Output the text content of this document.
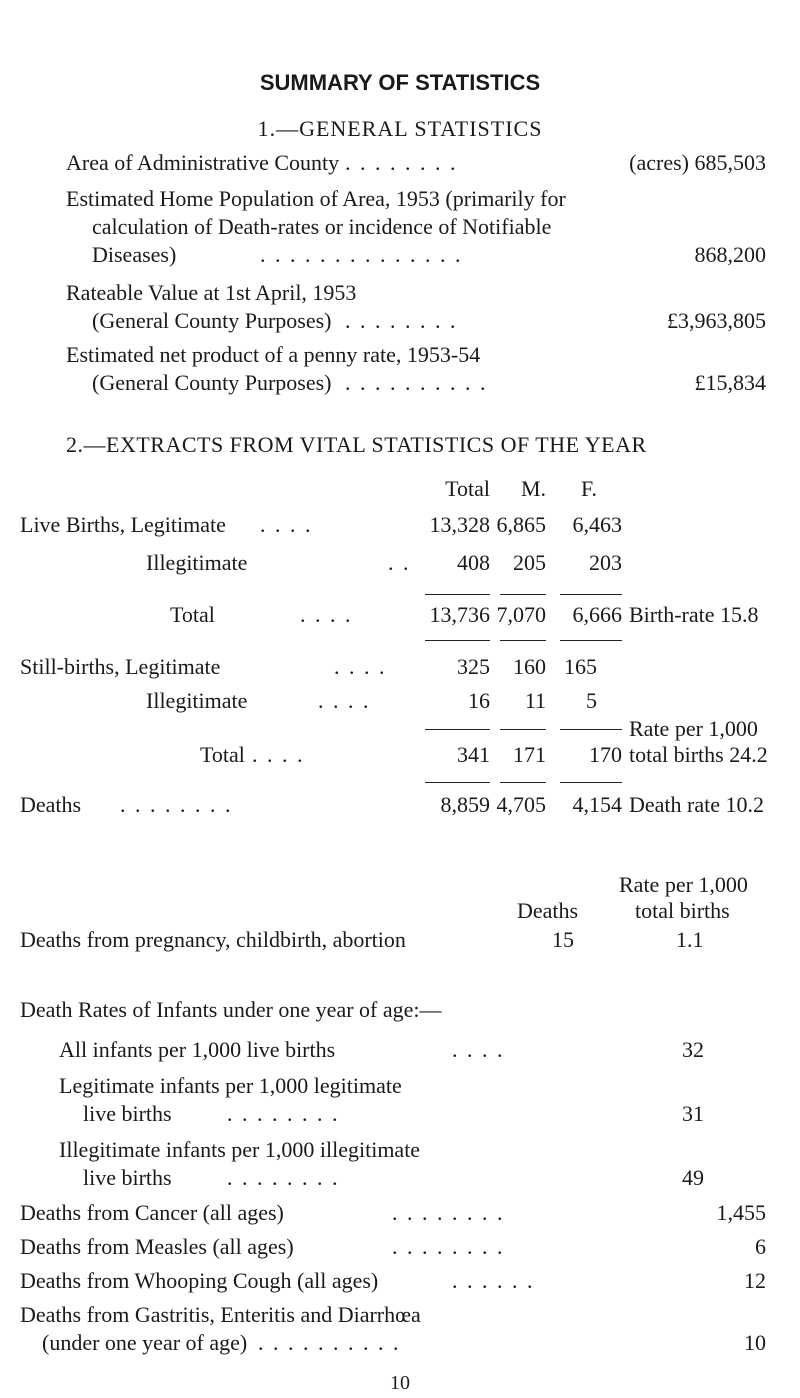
SUMMARY OF STATISTICS
1.—GENERAL STATISTICS
Area of Administrative County . . . . . . . .	(acres) 685,503
Estimated Home Population of Area, 1953 (primarily for
calculation of Death-rates or incidence of Notifiable
Diseases)	. . . . . . . . . . . . . .	868,200
Rateable Value at 1st April, 1953
(General County Purposes) . . . . . . . .	£3,963,805
Estimated net product of a penny rate, 1953-54
(General County Purposes) . . . . . . . . . .	£15,834
2.—EXTRACTS FROM VITAL STATISTICS OF THE YEAR
Total	M.	F.
Live Births, Legitimate . . . .	13,328 6,865	6,463
Illegitimate	. .	408	205	203
Total	. . . .	13,736 7,070	6,666 Birth-rate 15.8
Still-births, Legitimate	. . . .	325	160 165
Illegitimate	. . . .	16	11	5
Rate per 1,000
Total . . . .	341	171	170 total births 24.2
Deaths . . . . . . . .	8,859 4,705	4,154 Death rate 10.2
Rate per 1,000
Deaths	total births
Deaths from pregnancy, childbirth, abortion	15	1.1
Death Rates of Infants under one year of age:—
All infants per 1,000 live births	. . . .	32
Legitimate infants per 1,000 legitimate
live births	. . . . . . . .	31
Illegitimate infants per 1,000 illegitimate
live births	. . . . . . . .	49
Deaths from Cancer (all ages)	. . . . . . . .	1,455
Deaths from Measles (all ages)	. . . . . . . .	6
Deaths from Whooping Cough (all ages)	. . . . . .	12
Deaths from Gastritis, Enteritis and Diarrhœa
(under one year of age) . . . . . . . . . .	10
10
